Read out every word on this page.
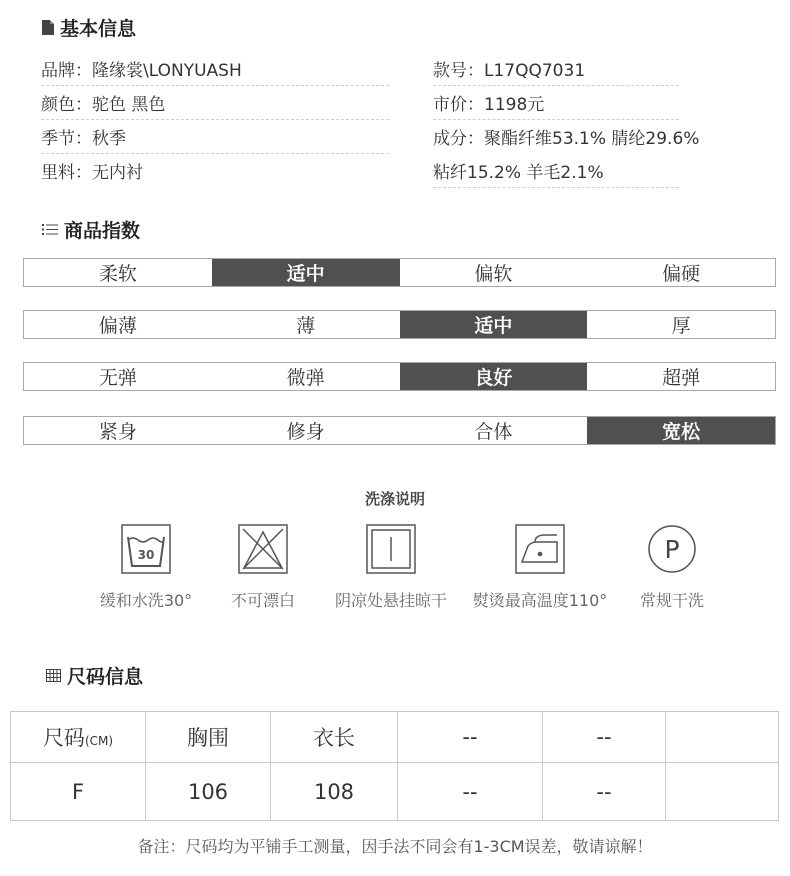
基本信息
品牌：隆缘裳\LONYUASH
颜色：驼色 黑色
季节：秋季
里料：无内衬
款号：L17QQ7031
市价：1198元
成分：聚酯纤维53.1% 腈纶29.6%
粘纤15.2% 羊毛2.1%
商品指数
柔软	适中	偏软	偏硬
偏薄	薄	适中	厚
无弹	微弹	良好	超弹
紧身	修身	合体	宽松
洗涤说明
30
缓和水洗30°	不可漂白	阴凉处悬挂晾干	熨烫最高温度110°
P
常规干洗
尺码信息
尺码(CM)	胸围	衣长	--	--	
F	106	108	--	--	
备注：尺码均为平铺手工测量，因手法不同会有1-3CM误差，敬请谅解！
